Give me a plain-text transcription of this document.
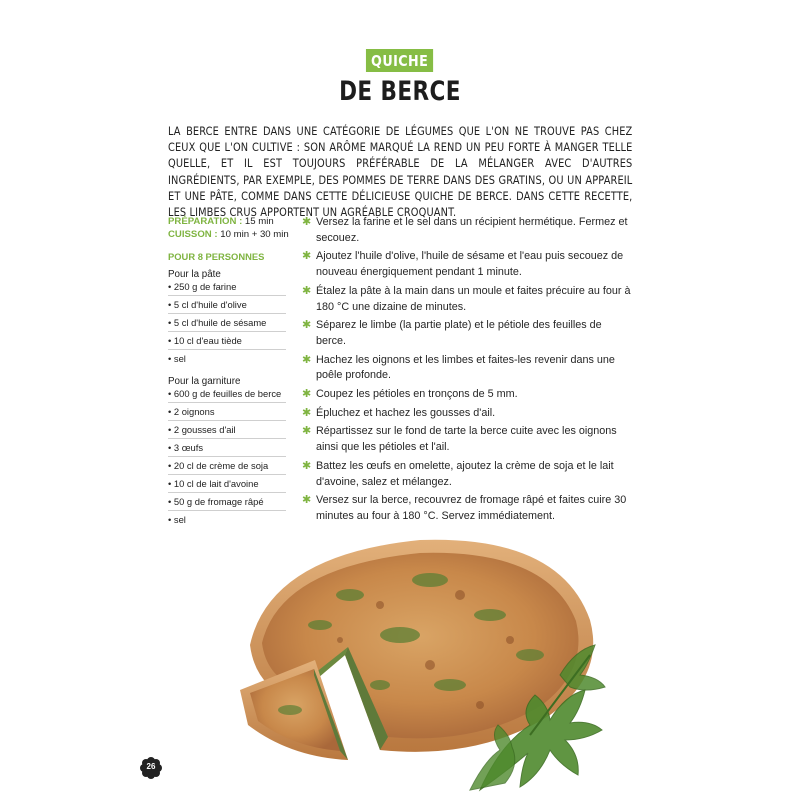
QUICHE
DE BERCE
LA BERCE ENTRE DANS UNE CATÉGORIE DE LÉGUMES QUE L'ON NE TROUVE PAS CHEZ CEUX QUE L'ON CULTIVE : SON ARÔME MARQUÉ LA REND UN PEU FORTE À MANGER TELLE QUELLE, ET IL EST TOUJOURS PRÉFÉRABLE DE LA MÉLANGER AVEC D'AUTRES INGRÉDIENTS, PAR EXEMPLE, DES POMMES DE TERRE DANS DES GRATINS, OU UN APPAREIL ET UNE PÂTE, COMME DANS CETTE DÉLICIEUSE QUICHE DE BERCE. DANS CETTE RECETTE, LES LIMBES CRUS APPORTENT UN AGRÉABLE CROQUANT.
PRÉPARATION : 15 min
CUISSON : 10 min + 30 min
POUR 8 PERSONNES
Pour la pâte
• 250 g de farine
• 5 cl d'huile d'olive
• 5 cl d'huile de sésame
• 10 cl d'eau tiède
• sel
Pour la garniture
• 600 g de feuilles de berce
• 2 oignons
• 2 gousses d'ail
• 3 œufs
• 20 cl de crème de soja
• 10 cl de lait d'avoine
• 50 g de fromage râpé
• sel
✱ Versez la farine et le sel dans un récipient hermétique. Fermez et secouez.
✱ Ajoutez l'huile d'olive, l'huile de sésame et l'eau puis secouez de nouveau énergiquement pendant 1 minute.
✱ Étalez la pâte à la main dans un moule et faites précuire au four à 180 °C une dizaine de minutes.
✱ Séparez le limbe (la partie plate) et le pétiole des feuilles de berce.
✱ Hachez les oignons et les limbes et faites-les revenir dans une poêle profonde.
✱ Coupez les pétioles en tronçons de 5 mm.
✱ Épluchez et hachez les gousses d'ail.
✱ Répartissez sur le fond de tarte la berce cuite avec les oignons ainsi que les pétioles et l'ail.
✱ Battez les œufs en omelette, ajoutez la crème de soja et le lait d'avoine, salez et mélangez.
✱ Versez sur la berce, recouvrez de fromage râpé et faites cuire 30 minutes au four à 180 °C. Servez immédiatement.
26
